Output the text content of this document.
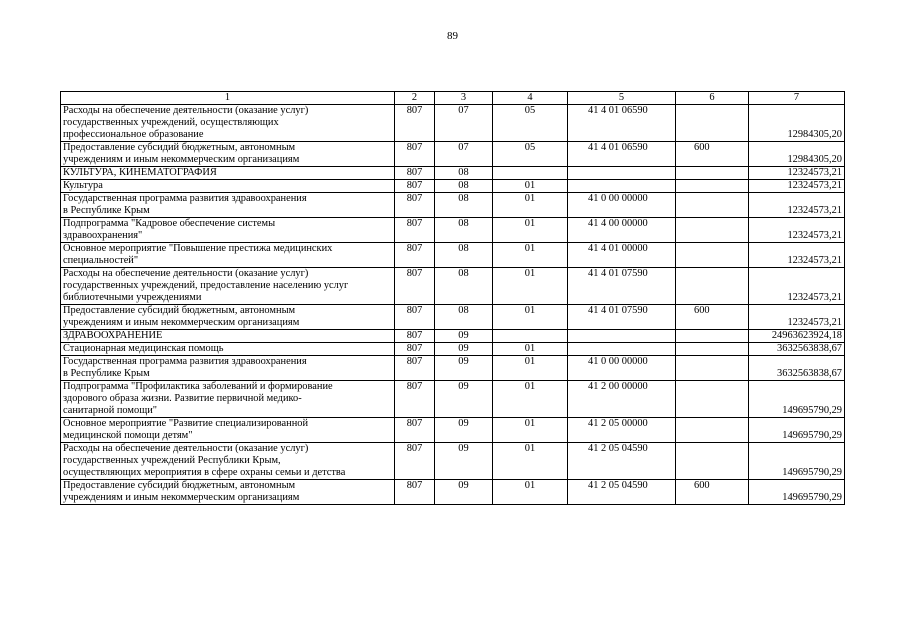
89
1	2	3	4	5	6	7
Расходы на обеспечение деятельности (оказание услуг)
государственных учреждений, осуществляющих
профессиональное образование	807	07	05	41 4 01 06590		12984305,20
Предоставление субсидий бюджетным, автономным
учреждениям и иным некоммерческим организациям	807	07	05	41 4 01 06590	600	12984305,20
КУЛЬТУРА, КИНЕМАТОГРАФИЯ	807	08				12324573,21
Культура	807	08	01			12324573,21
Государственная программа развития здравоохранения
в Республике Крым	807	08	01	41 0 00 00000		12324573,21
Подпрограмма "Кадровое обеспечение системы
здравоохранения"	807	08	01	41 4 00 00000		12324573,21
Основное мероприятие "Повышение престижа медицинских
специальностей"	807	08	01	41 4 01 00000		12324573,21
Расходы на обеспечение деятельности (оказание услуг)
государственных учреждений, предоставление населению услуг
библиотечными учреждениями	807	08	01	41 4 01 07590		12324573,21
Предоставление субсидий бюджетным, автономным
учреждениям и иным некоммерческим организациям	807	08	01	41 4 01 07590	600	12324573,21
ЗДРАВООХРАНЕНИЕ	807	09				24963623924,18
Стационарная медицинская помощь	807	09	01			3632563838,67
Государственная программа развития здравоохранения
в Республике Крым	807	09	01	41 0 00 00000		3632563838,67
Подпрограмма "Профилактика заболеваний и формирование
здорового образа жизни. Развитие первичной медико-
санитарной помощи"	807	09	01	41 2 00 00000		149695790,29
Основное мероприятие "Развитие специализированной
медицинской помощи детям"	807	09	01	41 2 05 00000		149695790,29
Расходы на обеспечение деятельности (оказание услуг)
государственных учреждений Республики Крым,
осуществляющих мероприятия в сфере охраны семьи и детства	807	09	01	41 2 05 04590		149695790,29
Предоставление субсидий бюджетным, автономным
учреждениям и иным некоммерческим организациям	807	09	01	41 2 05 04590	600	149695790,29
